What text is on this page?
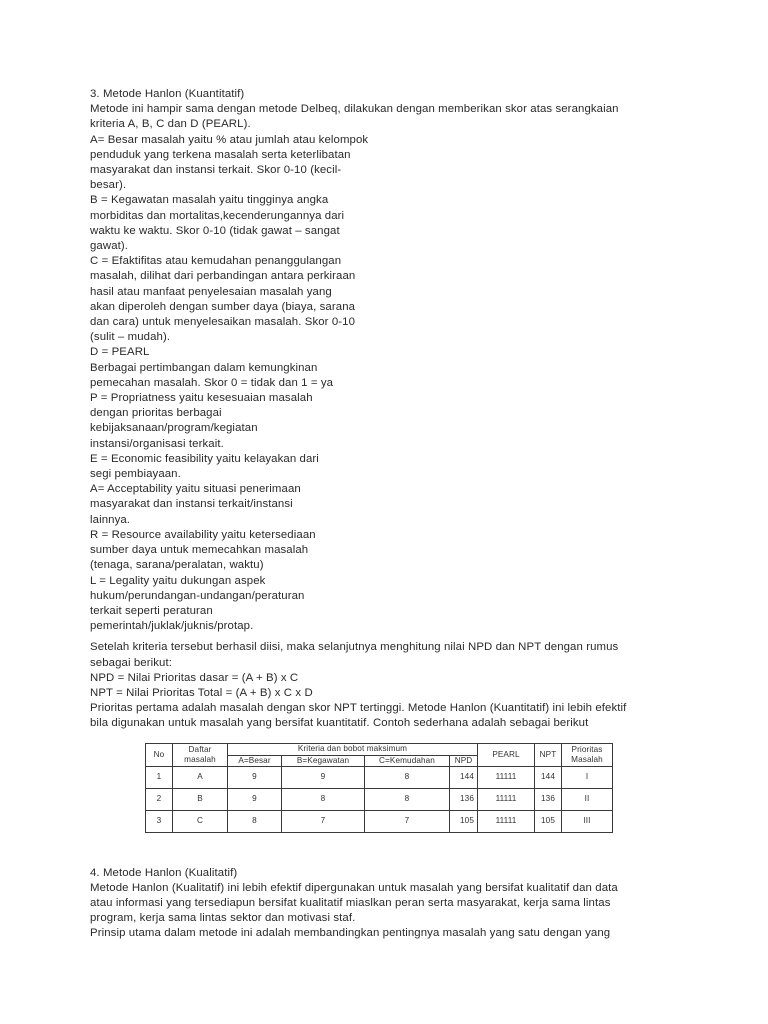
3. Metode Hanlon (Kuantitatif)
Metode ini hampir sama dengan metode Delbeq, dilakukan dengan memberikan skor atas serangkaian
kriteria A, B, C dan D (PEARL).
A= Besar masalah yaitu % atau jumlah atau kelompok
penduduk yang terkena masalah serta keterlibatan
masyarakat dan instansi terkait. Skor 0-10 (kecil-
besar).
B = Kegawatan masalah yaitu tingginya angka
morbiditas dan mortalitas,kecenderungannya dari
waktu ke waktu. Skor 0-10 (tidak gawat – sangat
gawat).
C = Efaktifitas atau kemudahan penanggulangan
masalah, dilihat dari perbandingan antara perkiraan
hasil atau manfaat penyelesaian masalah yang
akan diperoleh dengan sumber daya (biaya, sarana
dan cara) untuk menyelesaikan masalah. Skor 0-10
(sulit – mudah).
D = PEARL
Berbagai pertimbangan dalam kemungkinan
pemecahan masalah. Skor 0 = tidak dan 1 = ya
P = Propriatness yaitu kesesuaian masalah
dengan prioritas berbagai
kebijaksanaan/program/kegiatan
instansi/organisasi terkait.
E = Economic feasibility yaitu kelayakan dari
segi pembiayaan.
A= Acceptability yaitu situasi penerimaan
masyarakat dan instansi terkait/instansi
lainnya.
R = Resource availability yaitu ketersediaan
sumber daya untuk memecahkan masalah
(tenaga, sarana/peralatan, waktu)
L = Legality yaitu dukungan aspek
hukum/perundangan-undangan/peraturan
terkait seperti peraturan
pemerintah/juklak/juknis/protap.
Setelah kriteria tersebut berhasil diisi, maka selanjutnya menghitung nilai NPD dan NPT dengan rumus
sebagai berikut:
NPD = Nilai Prioritas dasar = (A + B) x C
NPT = Nilai Prioritas Total = (A + B) x C x D
Prioritas pertama adalah masalah dengan skor NPT tertinggi. Metode Hanlon (Kuantitatif) ini lebih efektif
bila digunakan untuk masalah yang bersifat kuantitatif. Contoh sederhana adalah sebagai berikut
No	Daftar masalah	Kriteria dan bobot maksimum				PEARL	NPT	Prioritas Masalah
		A=Besar	B=Kegawatan	C=Kemudahan	NPD			
1	A	9	9	8	144	11111	144	I
2	B	9	8	8	136	11111	136	II
3	C	8	7	7	105	11111	105	III
4. Metode Hanlon (Kualitatif)
Metode Hanlon (Kualitatif) ini lebih efektif dipergunakan untuk masalah yang bersifat kualitatif dan data
atau informasi yang tersediapun bersifat kualitatif miaslkan peran serta masyarakat, kerja sama lintas
program, kerja sama lintas sektor dan motivasi staf.
Prinsip utama dalam metode ini adalah membandingkan pentingnya masalah yang satu dengan yang
